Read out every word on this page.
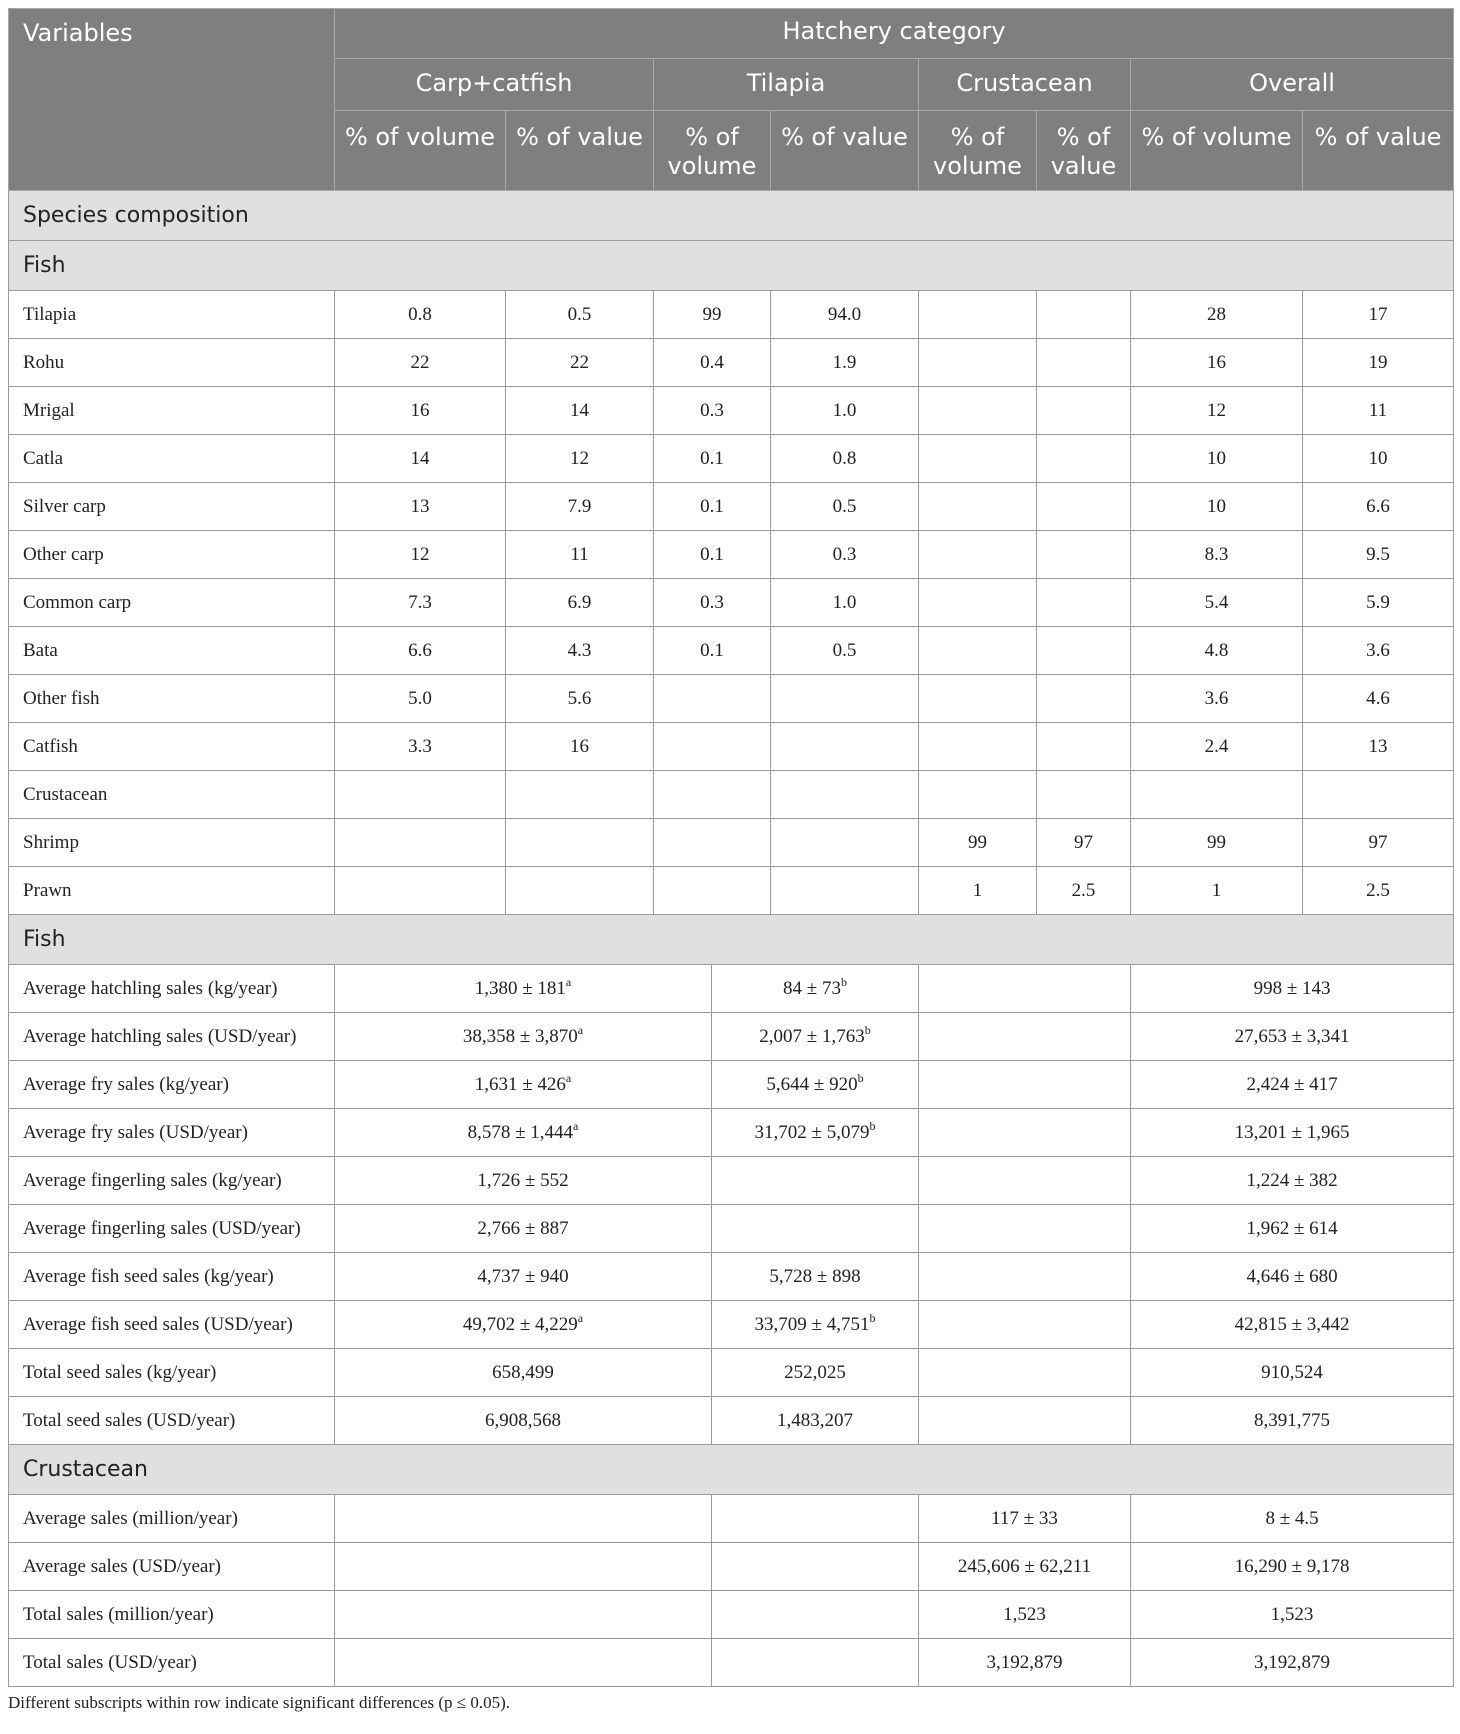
Variables	Hatchery category								
	Carp+catfish		Tilapia			Crustacean		Overall	
	% of volume	% of value	% of volume		% of value	% of volume	% of value	% of volume	% of value
Species composition									
Fish									
Tilapia	0.8	0.5	99		94.0			28	17
Rohu	22	22	0.4		1.9			16	19
Mrigal	16	14	0.3		1.0			12	11
Catla	14	12	0.1		0.8			10	10
Silver carp	13	7.9	0.1		0.5			10	6.6
Other carp	12	11	0.1		0.3			8.3	9.5
Common carp	7.3	6.9	0.3		1.0			5.4	5.9
Bata	6.6	4.3	0.1		0.5			4.8	3.6
Other fish	5.0	5.6						3.6	4.6
Catfish	3.3	16						2.4	13
Crustacean									
Shrimp						99	97	99	97
Prawn						1	2.5	1	2.5
Fish									
Average hatchling sales (kg/year)	$1,380 \pm 181^a$			$84 \pm 73^b$				998 ± 143	
Average hatchling sales (USD/year)	38,358 ± 3,870$^a$			2,007 ± 1,763$^b$				27,653 ± 3,341	
Average fry sales (kg/year)	$1,631 \pm 426^a$			$5,644 \pm 920^b$				2,424 ± 417	
Average fry sales (USD/year)	8,578 ± 1,444$^a$			31,702 ± 5,079$^b$				13,201 ± 1,965	
Average fingerling sales (kg/year)	1,726 ± 552							1,224 ± 382	
Average fingerling sales (USD/year)	2,766 ± 887							1,962 ± 614	
Average fish seed sales (kg/year)	4,737 ± 940			5,728 ± 898				4,646 ± 680	
Average fish seed sales (USD/year)	49,702 ± 4,229$^a$			33,709 ± 4,751$^b$				42,815 ± 3,442	
Total seed sales (kg/year)	658,499			252,025				910,524	
Total seed sales (USD/year)	6,908,568			1,483,207				8,391,775	
Crustacean									
Average sales (million/year)						117 ± 33		8 ± 4.5	
Average sales (USD/year)						245,606 ± 62,211		16,290 ± 9,178	
Total sales (million/year)						1,523		1,523	
Total sales (USD/year)						3,192,879		3,192,879	
Different subscripts within row indicate significant differences (p ≤ 0.05).
